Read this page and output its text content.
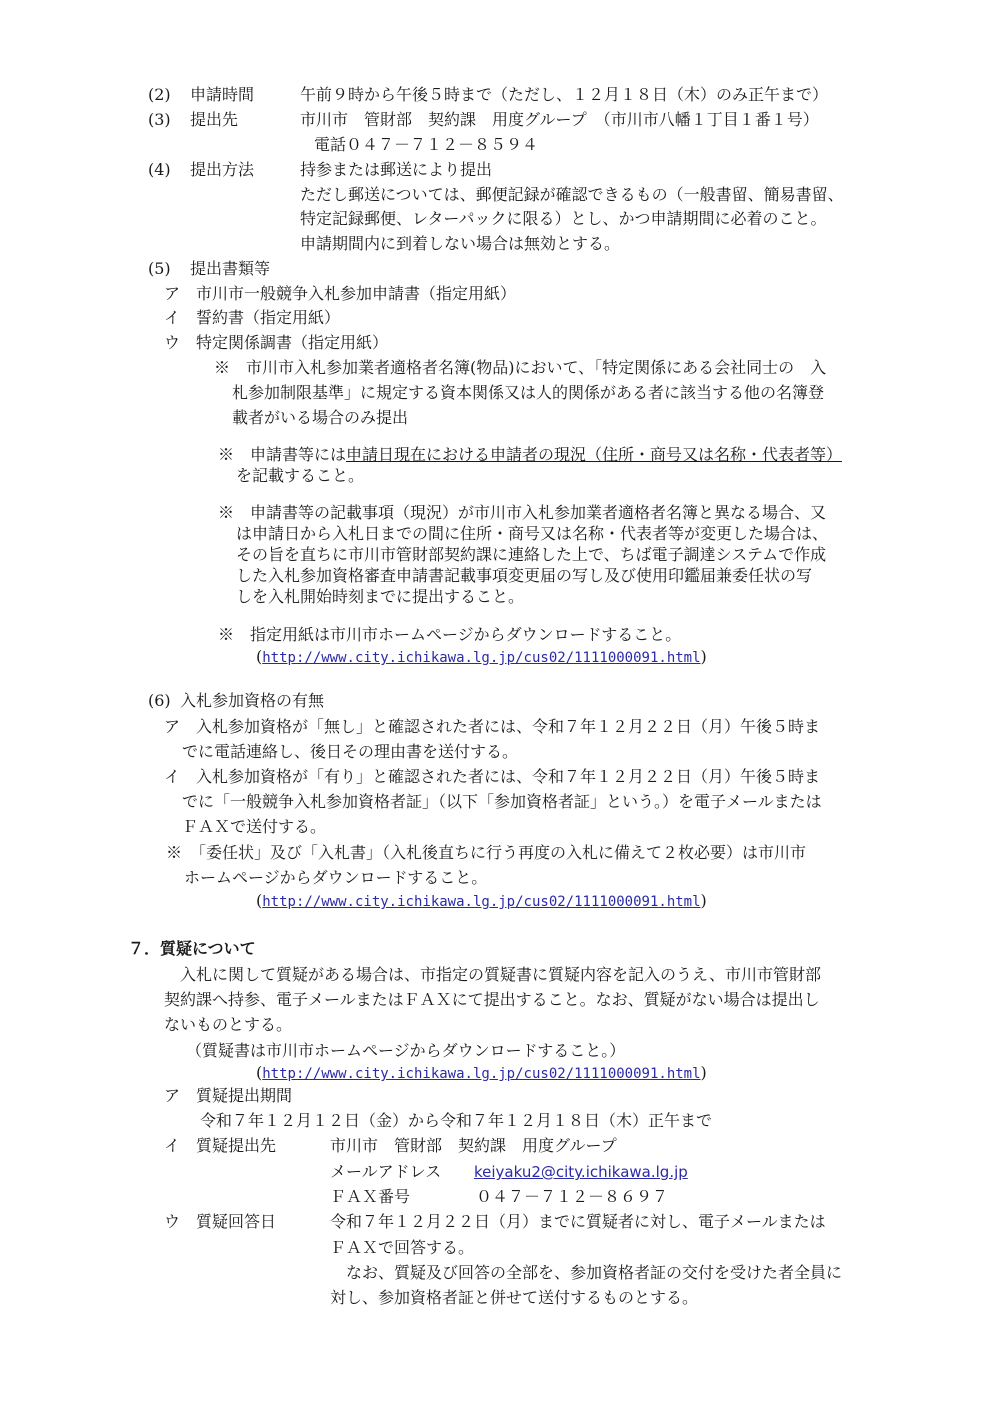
(2) 申請時間	午前９時から午後５時まで（ただし、１２月１８日（木）のみ正午まで）
(3) 提出先	市川市　管財部　契約課　用度グループ　（市川市八幡１丁目１番１号）
電話０４７－７１２－８５９４
(4) 提出方法	持参または郵送により提出
ただし郵送については、郵便記録が確認できるもの（一般書留、簡易書留、
特定記録郵便、レターパックに限る）とし、かつ申請期間に必着のこと。
申請期間内に到着しない場合は無効とする。
(5) 提出書類等
ア　市川市一般競争入札参加申請書（指定用紙）
イ　誓約書（指定用紙）
ウ　特定関係調書（指定用紙）
※　市川市入札参加業者適格者名簿(物品)において、｢特定関係にある会社同士の　入
札参加制限基準」に規定する資本関係又は人的関係がある者に該当する他の名簿登
載者がいる場合のみ提出
※　申請書等には申請日現在における申請者の現況（住所・商号又は名称・代表者等）
を記載すること。
※　申請書等の記載事項（現況）が市川市入札参加業者適格者名簿と異なる場合、又
は申請日から入札日までの間に住所・商号又は名称・代表者等が変更した場合は、
その旨を直ちに市川市管財部契約課に連絡した上で、ちば電子調達システムで作成
した入札参加資格審査申請書記載事項変更届の写し及び使用印鑑届兼委任状の写
しを入札開始時刻までに提出すること。
※　指定用紙は市川市ホームページからダウンロードすること。
(http://www.city.ichikawa.lg.jp/cus02/1111000091.html)
(6) 入札参加資格の有無
ア　入札参加資格が「無し」と確認された者には、令和７年１２月２２日（月）午後５時ま
でに電話連絡し、後日その理由書を送付する。
イ　入札参加資格が「有り」と確認された者には、令和７年１２月２２日（月）午後５時ま
でに「一般競争入札参加資格者証」（以下「参加資格者証」という。）を電子メールまたは
ＦＡＸで送付する。
※　「委任状」及び「入札書」（入札後直ちに行う再度の入札に備えて２枚必要）は市川市
ホームページからダウンロードすること。
(http://www.city.ichikawa.lg.jp/cus02/1111000091.html)
７．質疑について
入札に関して質疑がある場合は、市指定の質疑書に質疑内容を記入のうえ、市川市管財部
契約課へ持参、電子メールまたはＦＡＸにて提出すること。なお、質疑がない場合は提出し
ないものとする。
（質疑書は市川市ホームページからダウンロードすること。）
(http://www.city.ichikawa.lg.jp/cus02/1111000091.html)
ア　質疑提出期間
令和７年１２月１２日（金）から令和７年１２月１８日（木）正午まで
イ　質疑提出先	市川市　管財部　契約課　用度グループ
メールアドレス keiyaku2@city.ichikawa.lg.jp
ＦＡＸ番号	０４７－７１２－８６９７
ウ　質疑回答日	令和７年１２月２２日（月）までに質疑者に対し、電子メールまたは
ＦＡＸで回答する。
　なお、質疑及び回答の全部を、参加資格者証の交付を受けた者全員に
対し、参加資格者証と併せて送付するものとする。
